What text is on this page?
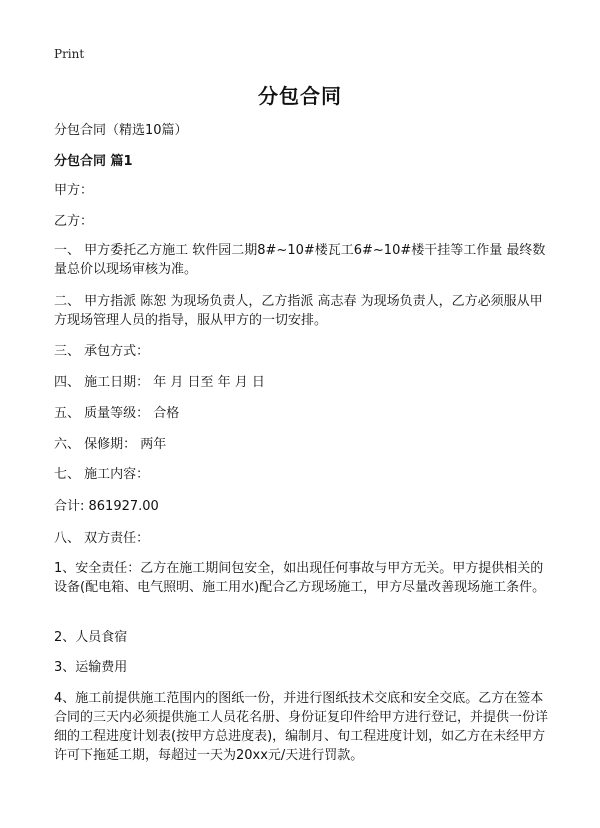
Print
分包合同
分包合同（精选10篇）
分包合同 篇1

甲方：

乙方：

一、 甲方委托乙方施工 软件园二期8#~10#楼瓦工6#~10#楼干挂等工作量 最终数量总价以现场审核为准。

二、 甲方指派 陈恕 为现场负责人，乙方指派 高志春 为现场负责人，乙方必须服从甲方现场管理人员的指导，服从甲方的一切安排。

三、 承包方式：

四、 施工日期： 年 月 日至 年 月 日

五、 质量等级： 合格

六、 保修期： 两年

七、 施工内容：

合计: 861927.00

八、 双方责任：

1、安全责任：乙方在施工期间包安全，如出现任何事故与甲方无关。甲方提供相关的设备(配电箱、电气照明、施工用水)配合乙方现场施工，甲方尽量改善现场施工条件。

2、人员食宿

3、运输费用

4、施工前提供施工范围内的图纸一份，并进行图纸技术交底和安全交底。乙方在签本合同的三天内必须提供施工人员花名册、身份证复印件给甲方进行登记，并提供一份详细的工程进度计划表(按甲方总进度表)，编制月、旬工程进度计划，如乙方在未经甲方许可下拖延工期，每超过一天为20xx元/天进行罚款。
